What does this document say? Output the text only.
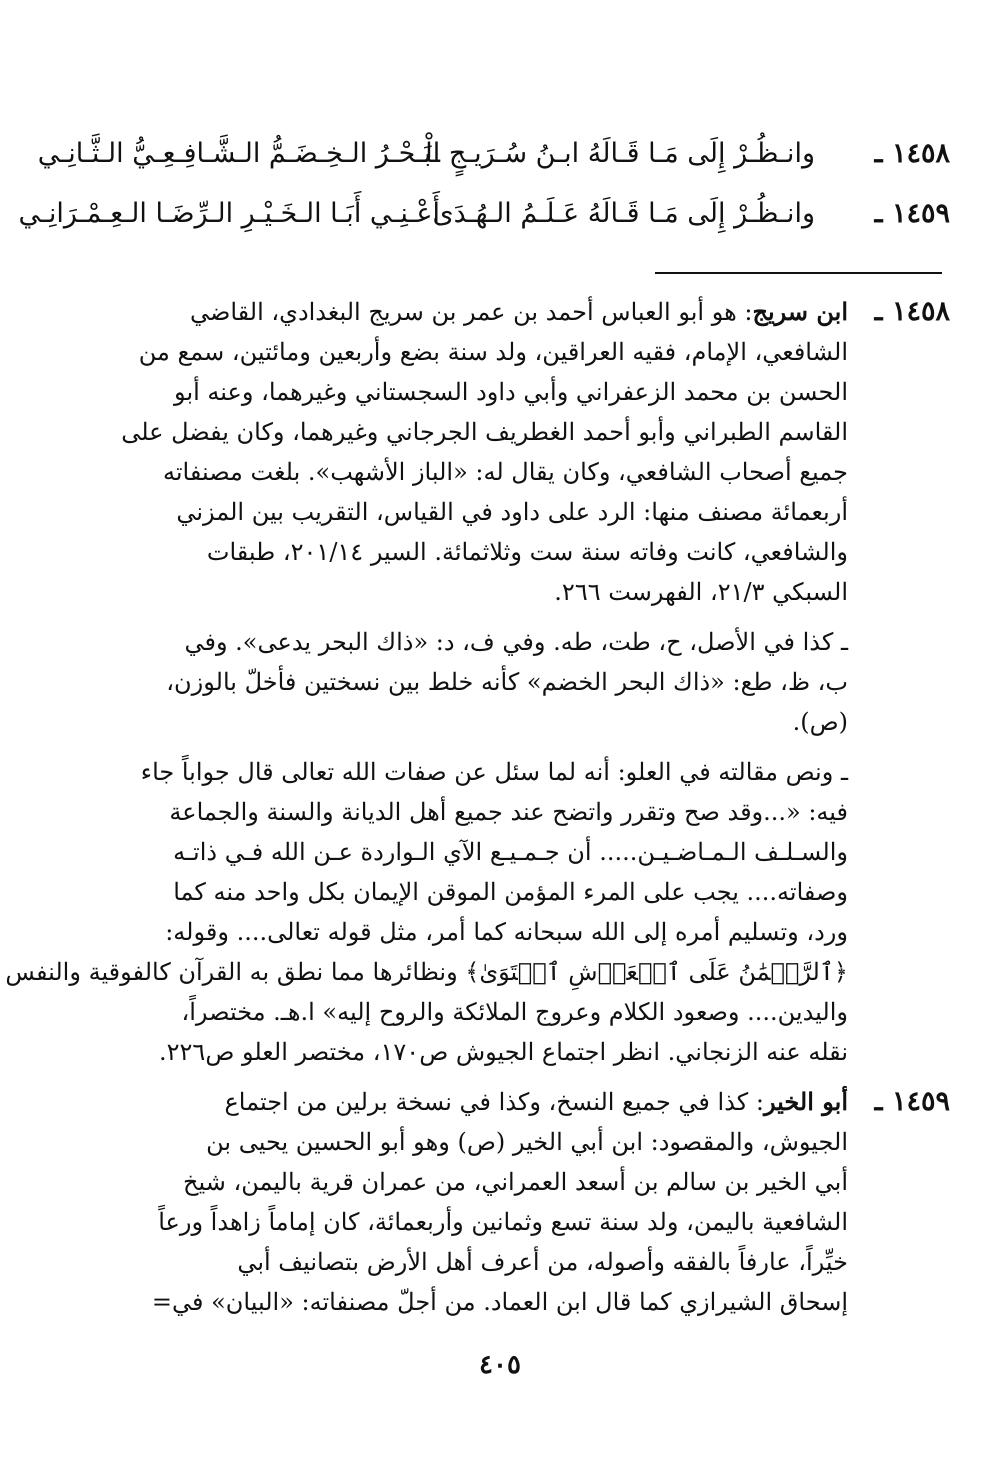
١٤٥٨ ـ
وانـظُـرْ إِلَى مَـا قَـالَهُ ابـنُ سُـرَيـجٍ الْـ
ـبَـحْـرُ الـخِـضَـمُّ الـشَّـافِـعِـيُّ الـثَّـانِـي
١٤٥٩ ـ
وانـظُـرْ إِلَى مَـا قَـالَهُ عَـلَـمُ الـهُـدَى
أَعْـنِـي أَبَـا الـخَـيْـرِ الـرِّضَـا الـعِـمْـرَانِـي
١٤٥٨ ـ
ابن سريج: هو أبو العباس أحمد بن عمر بن سريج البغدادي، القاضي
الشافعي، الإمام، فقيه العراقين، ولد سنة بضع وأربعين ومائتين، سمع من
الحسن بن محمد الزعفراني وأبي داود السجستاني وغيرهما، وعنه أبو
القاسم الطبراني وأبو أحمد الغطريف الجرجاني وغيرهما، وكان يفضل على
جميع أصحاب الشافعي، وكان يقال له: «الباز الأشهب». بلغت مصنفاته
أربعمائة مصنف منها: الرد على داود في القياس، التقريب بين المزني
والشافعي، كانت وفاته سنة ست وثلاثمائة. السير ٢٠١/١٤، طبقات
السبكي ٢١/٣، الفهرست ٢٦٦.
ـ كذا في الأصل، ح، طت، طه. وفي ف، د: «ذاك البحر يدعى». وفي
ب، ظ، طع: «ذاك البحر الخضم» كأنه خلط بين نسختين فأخلّ بالوزن،
(ص).
ـ ونص مقالته في العلو: أنه لما سئل عن صفات الله تعالى قال جواباً جاء
فيه: «...وقد صح وتقرر واتضح عند جميع أهل الديانة والسنة والجماعة
والسـلـف الـمـاضـيـن..... أن جـمـيـع الآي الـواردة عـن الله فـي ذاتـه
وصفاته.... يجب على المرء المؤمن الموقن الإيمان بكل واحد منه كما
ورد، وتسليم أمره إلى الله سبحانه كما أمر، مثل قوله تعالى.... وقوله:
﴿ٱلرَّحۡمَٰنُ عَلَى ٱلۡعَرۡشِ ٱسۡتَوَىٰ﴾ ونظائرها مما نطق به القرآن كالفوقية والنفس
واليدين.... وصعود الكلام وعروج الملائكة والروح إليه» ا.هـ. مختصراً،
نقله عنه الزنجاني. انظر اجتماع الجيوش ص١٧٠، مختصر العلو ص٢٢٦.
١٤٥٩ ـ
أبو الخير: كذا في جميع النسخ، وكذا في نسخة برلين من اجتماع
الجيوش، والمقصود: ابن أبي الخير (ص) وهو أبو الحسين يحيى بن
أبي الخير بن سالم بن أسعد العمراني، من عمران قرية باليمن، شيخ
الشافعية باليمن، ولد سنة تسع وثمانين وأربعمائة، كان إماماً زاهداً ورعاً
خيِّراً، عارفاً بالفقه وأصوله، من أعرف أهل الأرض بتصانيف أبي
إسحاق الشيرازي كما قال ابن العماد. من أجلّ مصنفاته: «البيان» في=
٤٠٥
